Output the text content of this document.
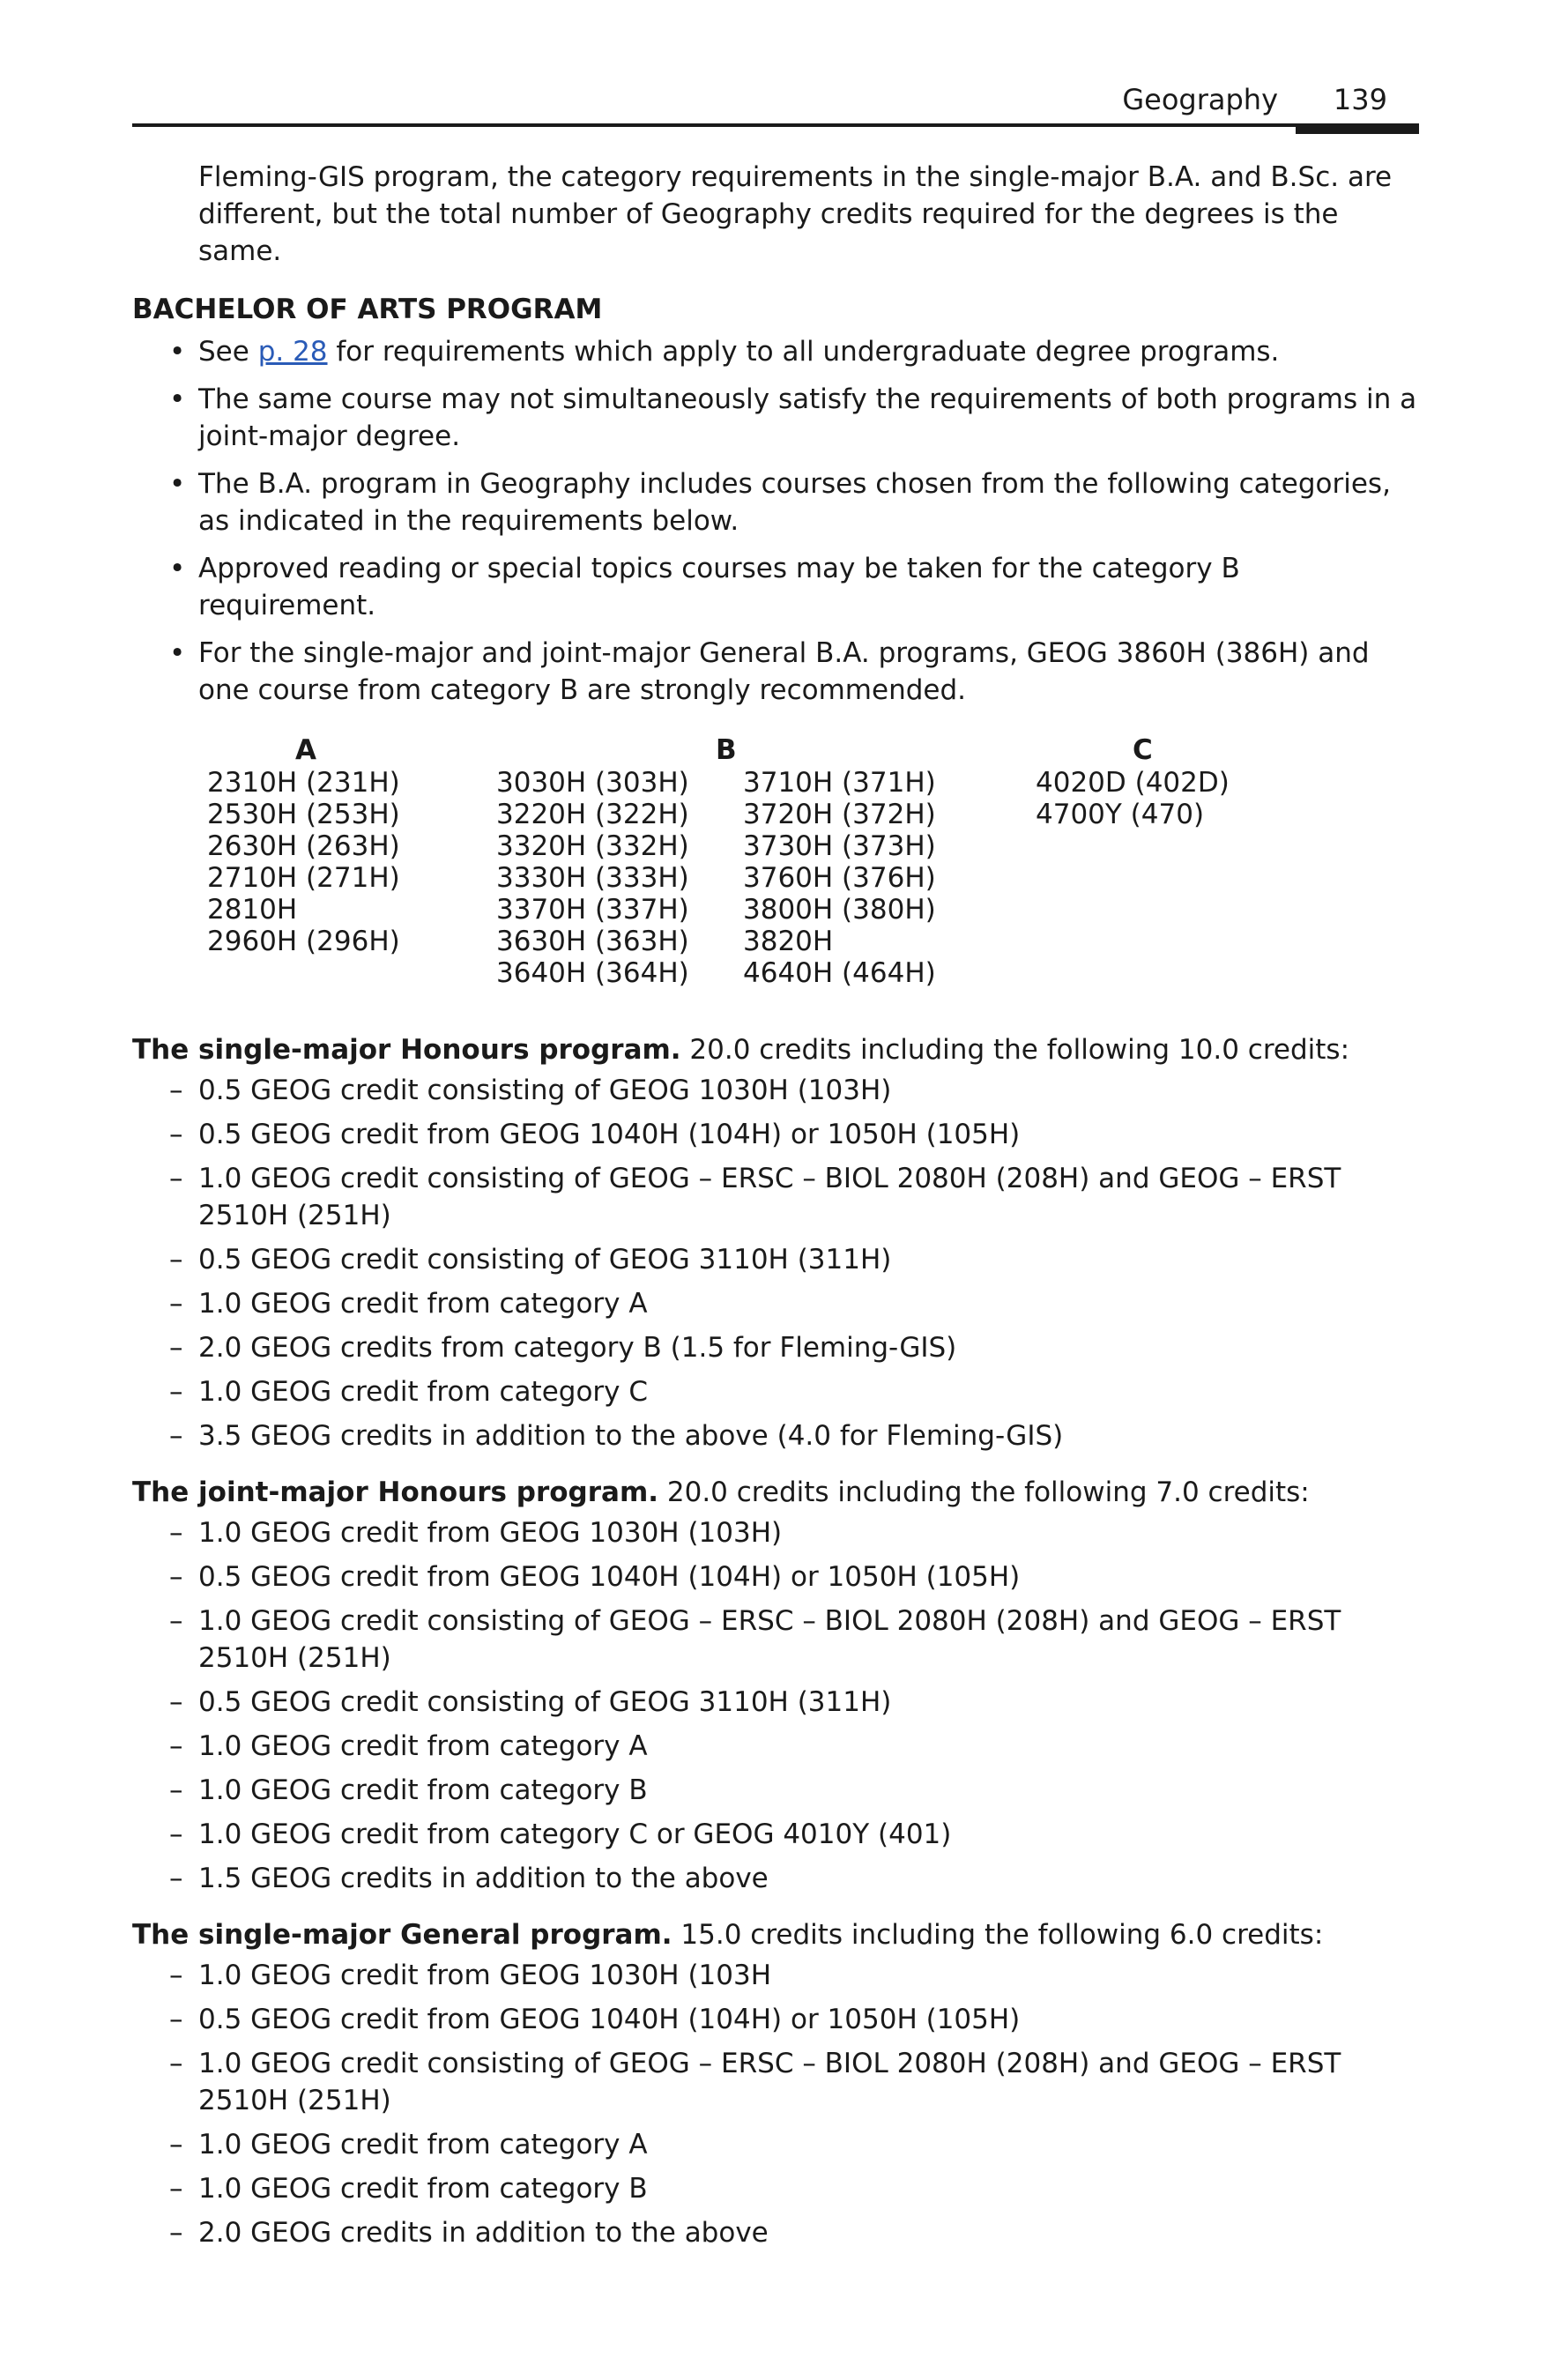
Geography 139

Fleming-GIS program, the category requirements in the single-major B.A. and B.Sc. are different, but the total number of Geography credits required for the degrees is the same.

BACHELOR OF ARTS PROGRAM

• See p. 28 for requirements which apply to all undergraduate degree programs.
• The same course may not simultaneously satisfy the requirements of both programs in a joint-major degree.
• The B.A. program in Geography includes courses chosen from the following categories, as indicated in the requirements below.
• Approved reading or special topics courses may be taken for the category B requirement.
• For the single-major and joint-major General B.A. programs, GEOG 3860H (386H) and one course from category B are strongly recommended.
A	B	C
2310H (231H)
2530H (253H)
2630H (263H)
2710H (271H)
2810H
2960H (296H)
3030H (303H)
3220H (322H)
3320H (332H)
3330H (333H)
3370H (337H)
3630H (363H)
3640H (364H)
3710H (371H)
3720H (372H)
3730H (373H)
3760H (376H)
3800H (380H)
3820H
4640H (464H)
4020D (402D)
4700Y (470)

The single-major Honours program. 20.0 credits including the following 10.0 credits:

– 0.5 GEOG credit consisting of GEOG 1030H (103H)
– 0.5 GEOG credit from GEOG 1040H (104H) or 1050H (105H)
– 1.0 GEOG credit consisting of GEOG – ERSC – BIOL 2080H (208H) and GEOG – ERST 2510H (251H)
– 0.5 GEOG credit consisting of GEOG 3110H (311H)
– 1.0 GEOG credit from category A
– 2.0 GEOG credits from category B (1.5 for Fleming-GIS)
– 1.0 GEOG credit from category C
– 3.5 GEOG credits in addition to the above (4.0 for Fleming-GIS)

The joint-major Honours program. 20.0 credits including the following 7.0 credits:

– 1.0 GEOG credit from GEOG 1030H (103H)
– 0.5 GEOG credit from GEOG 1040H (104H) or 1050H (105H)
– 1.0 GEOG credit consisting of GEOG – ERSC – BIOL 2080H (208H) and GEOG – ERST 2510H (251H)
– 0.5 GEOG credit consisting of GEOG 3110H (311H)
– 1.0 GEOG credit from category A
– 1.0 GEOG credit from category B
– 1.0 GEOG credit from category C or GEOG 4010Y (401)
– 1.5 GEOG credits in addition to the above

The single-major General program. 15.0 credits including the following 6.0 credits:

– 1.0 GEOG credit from GEOG 1030H (103H
– 0.5 GEOG credit from GEOG 1040H (104H) or 1050H (105H)
– 1.0 GEOG credit consisting of GEOG – ERSC – BIOL 2080H (208H) and GEOG – ERST 2510H (251H)
– 1.0 GEOG credit from category A
– 1.0 GEOG credit from category B
– 2.0 GEOG credits in addition to the above
